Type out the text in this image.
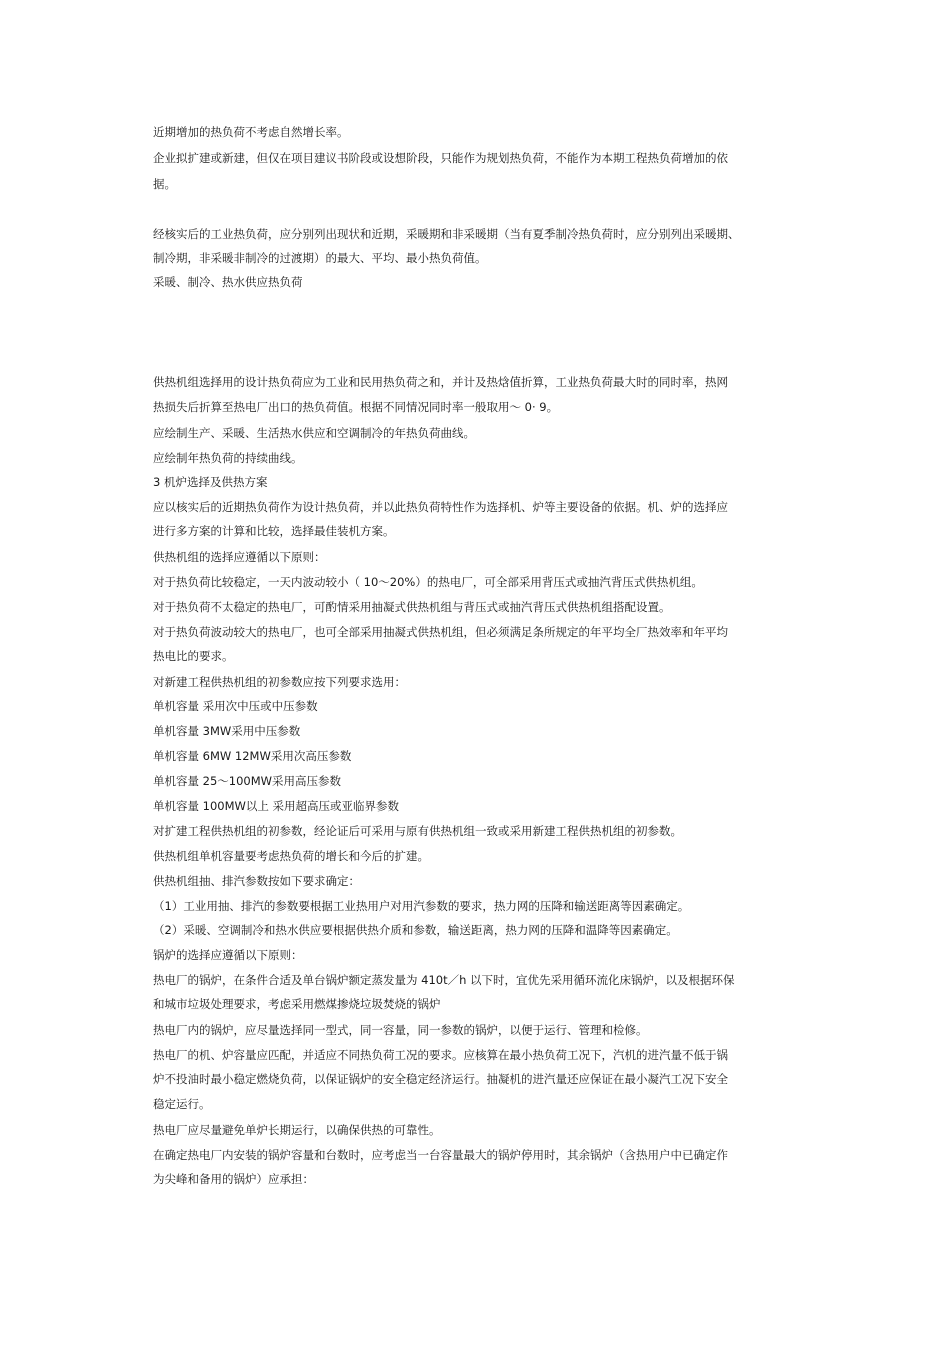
近期增加的热负荷不考虑自然增长率。
企业拟扩建或新建，但仅在项目建议书阶段或设想阶段，只能作为规划热负荷，不能作为本期工程热负荷增加的依
据。
经核实后的工业热负荷，应分别列出现状和近期，采暖期和非采暖期（当有夏季制冷热负荷时，应分别列出采暖期、
制冷期，非采暖非制冷的过渡期）的最大、平均、最小热负荷值。
采暖、制冷、热水供应热负荷
供热机组选择用的设计热负荷应为工业和民用热负荷之和，并计及热焓值折算，工业热负荷最大时的同时率，热网
热损失后折算至热电厂出口的热负荷值。根据不同情况同时率一般取用～ 0· 9。
应绘制生产、采暖、生活热水供应和空调制冷的年热负荷曲线。
应绘制年热负荷的持续曲线。
3 机炉选择及供热方案
应以核实后的近期热负荷作为设计热负荷，并以此热负荷特性作为选择机、炉等主要设备的依据。机、炉的选择应
进行多方案的计算和比较，选择最佳装机方案。
供热机组的选择应遵循以下原则：
对于热负荷比较稳定，一天内波动较小（ 10～20%）的热电厂，可全部采用背压式或抽汽背压式供热机组。
对于热负荷不太稳定的热电厂，可酌情采用抽凝式供热机组与背压式或抽汽背压式供热机组搭配设置。
对于热负荷波动较大的热电厂，也可全部采用抽凝式供热机组，但必须满足条所规定的年平均全厂热效率和年平均
热电比的要求。
对新建工程供热机组的初参数应按下列要求选用：
单机容量 采用次中压或中压参数
单机容量 3MW采用中压参数
单机容量 6MW 12MW采用次高压参数
单机容量 25～100MW采用高压参数
单机容量 100MW以上 采用超高压或亚临界参数
对扩建工程供热机组的初参数，经论证后可采用与原有供热机组一致或采用新建工程供热机组的初参数。
供热机组单机容量要考虑热负荷的增长和今后的扩建。
供热机组抽、排汽参数按如下要求确定：
（1）工业用抽、排汽的参数要根据工业热用户对用汽参数的要求，热力网的压降和输送距离等因素确定。
（2）采暖、空调制冷和热水供应要根据供热介质和参数，输送距离，热力网的压降和温降等因素确定。
锅炉的选择应遵循以下原则：
热电厂的锅炉，在条件合适及单台锅炉额定蒸发量为 410t／h 以下时，宜优先采用循环流化床锅炉，以及根据环保
和城市垃圾处理要求，考虑采用燃煤掺烧垃圾焚烧的锅炉
热电厂内的锅炉，应尽量选择同一型式，同一容量，同一参数的锅炉，以便于运行、管理和检修。
热电厂的机、炉容量应匹配，并适应不同热负荷工况的要求。应核算在最小热负荷工况下，汽机的进汽量不低于锅
炉不投油时最小稳定燃烧负荷，以保证锅炉的安全稳定经济运行。抽凝机的进汽量还应保证在最小凝汽工况下安全
稳定运行。
热电厂应尽量避免单炉长期运行，以确保供热的可靠性。
在确定热电厂内安装的锅炉容量和台数时，应考虑当一台容量最大的锅炉停用时，其余锅炉（含热用户中已确定作
为尖峰和备用的锅炉）应承担：
